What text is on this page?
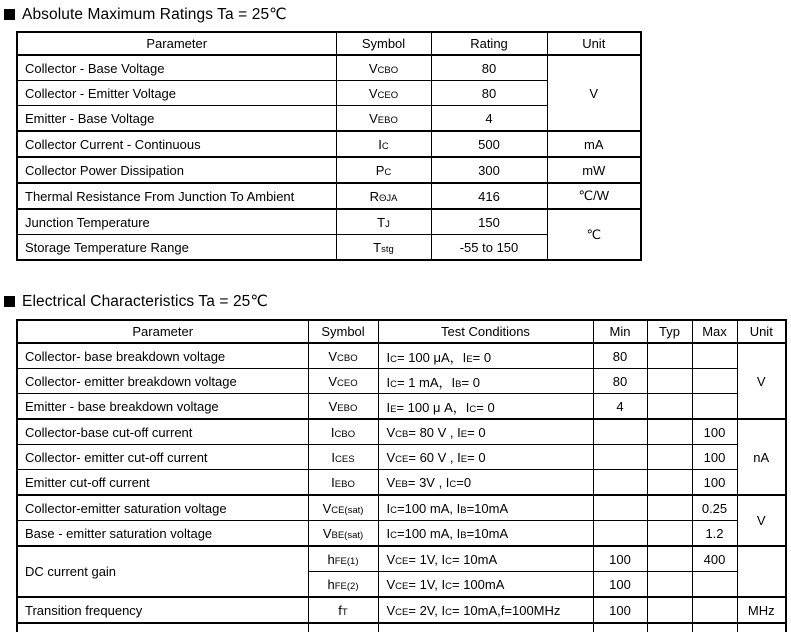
Absolute Maximum Ratings Ta = 25℃
Parameter	Symbol	Rating	Unit
Collector - Base Voltage	VCBO	80	V
Collector - Emitter Voltage	VCEO	80	
Emitter - Base Voltage	VEBO	4	
Collector Current - Continuous	IC	500	mA
Collector Power Dissipation	PC	300	mW
Thermal Resistance From Junction To Ambient	RΘJA	416	℃/W
Junction Temperature	TJ	150	℃
Storage Temperature Range	Tstg	-55 to 150	
Electrical Characteristics Ta = 25℃
Parameter	Symbol	Test Conditions	Min	Typ	Max	Unit
Collector- base breakdown voltage	VCBO	IC= 100 μA，IE= 0	80			V
Collector- emitter breakdown voltage	VCEO	IC= 1 mA，IB= 0	80			
Emitter - base breakdown voltage	VEBO	IE= 100 μ A，IC= 0	4			
Collector-base cut-off current	ICBO	VCB= 80 V , IE= 0			100	nA
Collector- emitter cut-off current	ICES	VCE= 60 V , IE= 0			100	
Emitter cut-off current	IEBO	VEB= 3V , IC=0			100	
Collector-emitter saturation voltage	VCE(sat)	IC=100 mA, IB=10mA			0.25	V
Base - emitter saturation voltage	VBE(sat)	IC=100 mA, IB=10mA			1.2	
DC current gain	hFE(1)	VCE= 1V, IC= 10mA	100		400	
	hFE(2)	VCE= 1V, IC= 100mA	100			
Transition frequency	fT	VCE= 2V, IC= 10mA,f=100MHz	100			MHz
